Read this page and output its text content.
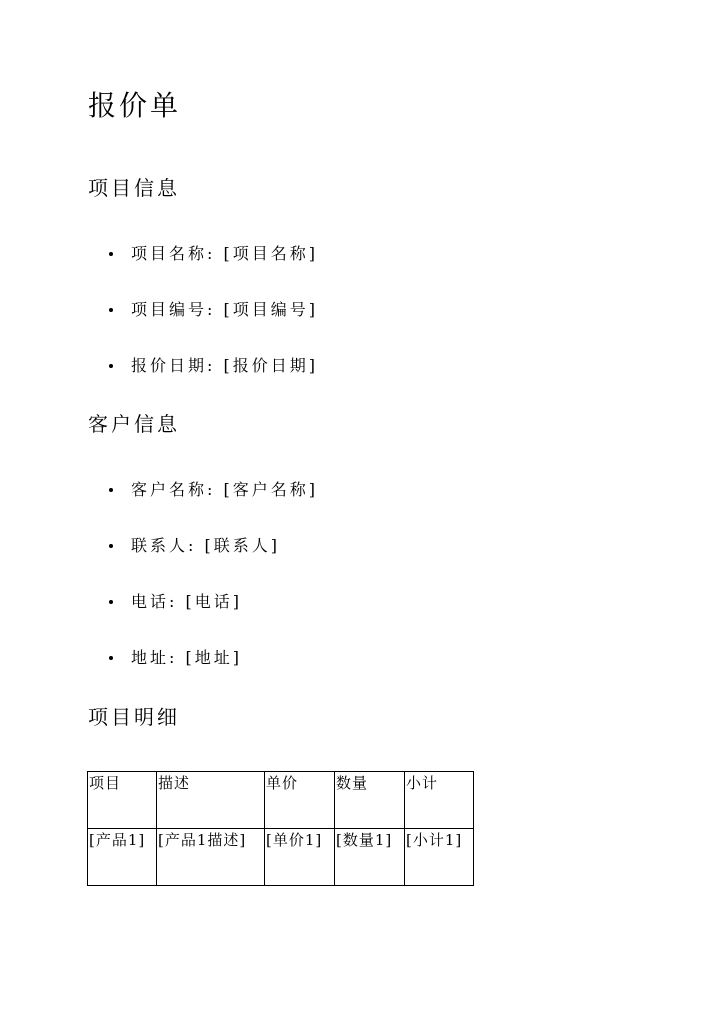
报价单
项目信息
项目名称: [项目名称]
项目编号: [项目编号]
报价日期: [报价日期]
客户信息
客户名称: [客户名称]
联系人: [联系人]
电话: [电话]
地址: [地址]
项目明细
项目	描述	单价	数量	小计
[产品1]	[产品1描述]	[单价1]	[数量1]	[小计1]
